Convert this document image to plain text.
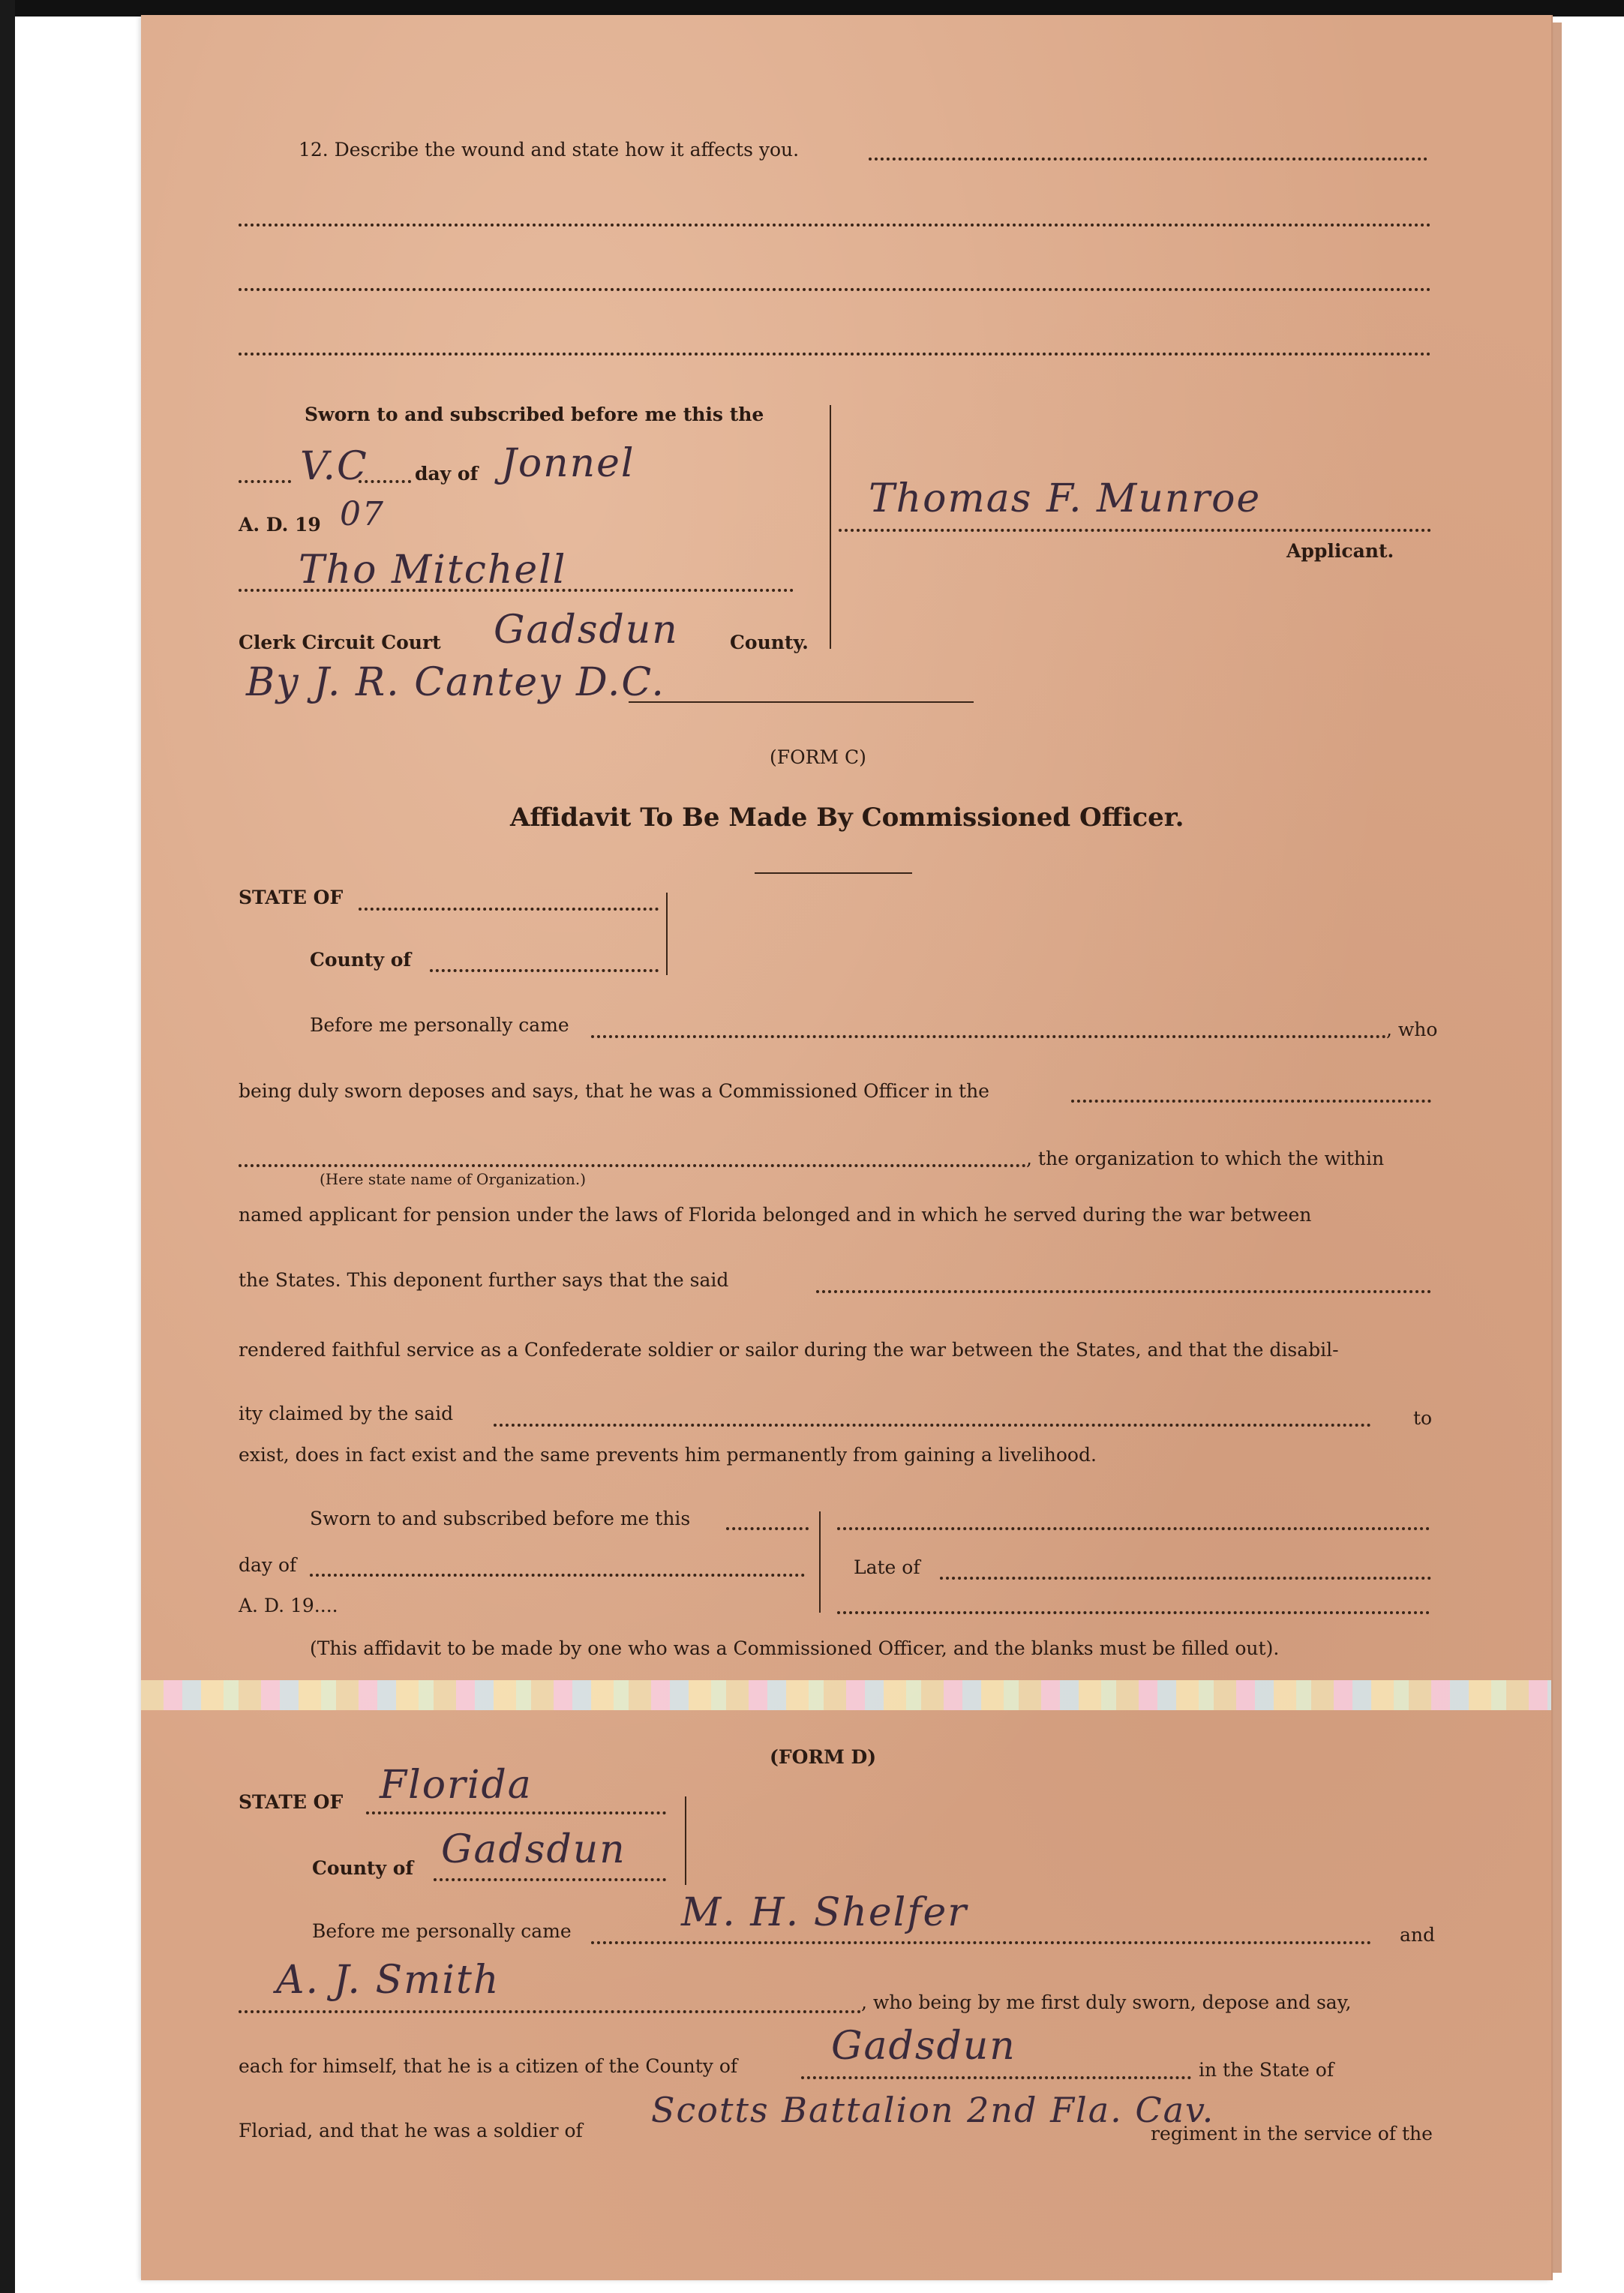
12. Describe the wound and state how it affects you.
Sworn to and subscribed before me this the
V.C day of Jonnel
A. D. 19 07
Tho Mitchell
Clerk Circuit Court Gadsdun	County.
By J. R. Cantey D.C.
Thomas F. Munroe
Applicant.
(FORM C)
Affidavit To Be Made By Commissioned Officer.
STATE OF
County of
Before me personally came	, who
being duly sworn deposes and says, that he was a Commissioned Officer in the
, the organization to which the within
(Here state name of Organization.)
named applicant for pension under the laws of Florida belonged and in which he served during the war between
the States. This deponent further says that the said
rendered faithful service as a Confederate soldier or sailor during the war between the States, and that the disabil-
ity claimed by the said	to
exist, does in fact exist and the same prevents him permanently from gaining a livelihood.
Sworn to and subscribed before me this
day of
A. D. 19....
Late of
(This affidavit to be made by one who was a Commissioned Officer, and the blanks must be filled out).
(FORM D)
STATE OF Florida
County of Gadsdun
Before me personally came	M. H. Shelfer	and
A. J. Smith	, who being by me first duly sworn, depose and say,
each for himself, that he is a citizen of the County of Gadsdun
in the State of
Floriad, and that he was a soldier of
Scotts Battalion 2nd Fla. Cav.
regiment in the service of the
